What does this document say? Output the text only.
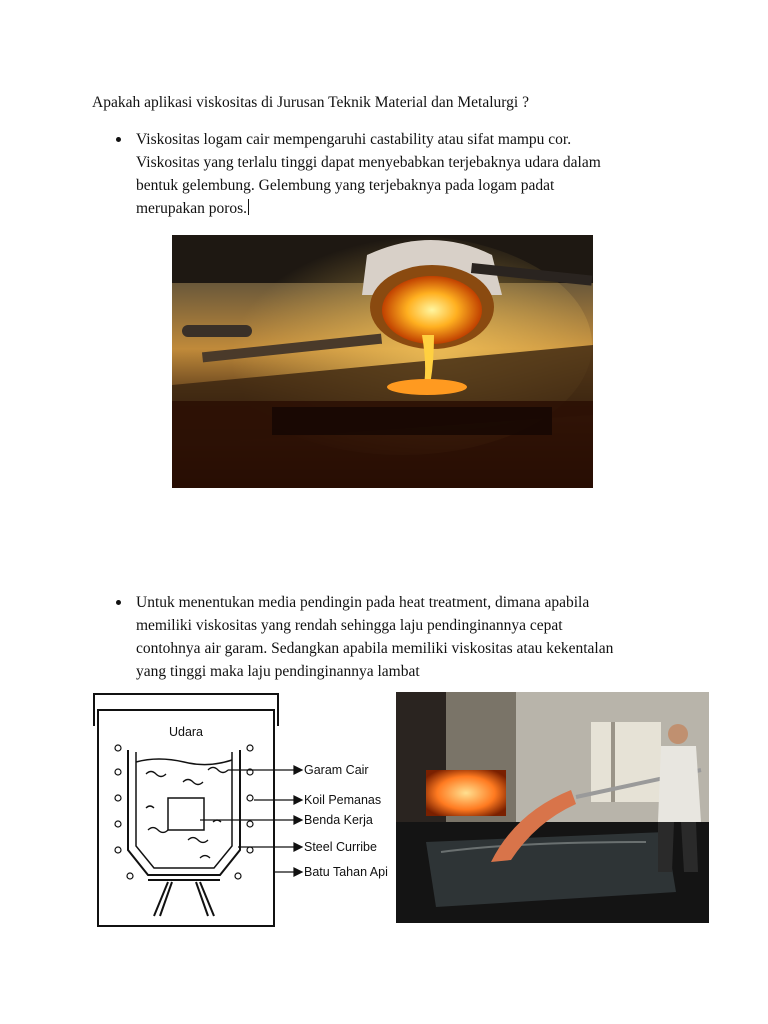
Apakah aplikasi viskositas di Jurusan Teknik Material dan Metalurgi ?
Viskositas logam cair mempengaruhi castability atau sifat mampu cor.
Viskositas yang terlalu tinggi dapat menyebabkan terjebaknya udara dalam
bentuk gelembung. Gelembung yang terjebaknya pada logam padat
merupakan poros.
Untuk menentukan media pendingin pada heat treatment, dimana apabila
memiliki viskositas yang rendah sehingga laju pendinginannya cepat
contohnya air garam. Sedangkan apabila memiliki viskositas atau kekentalan
yang tinggi maka laju pendinginannya lambat
Udara
Garam Cair
Koil Pemanas
Benda Kerja
Steel Curribe
Batu Tahan Api
